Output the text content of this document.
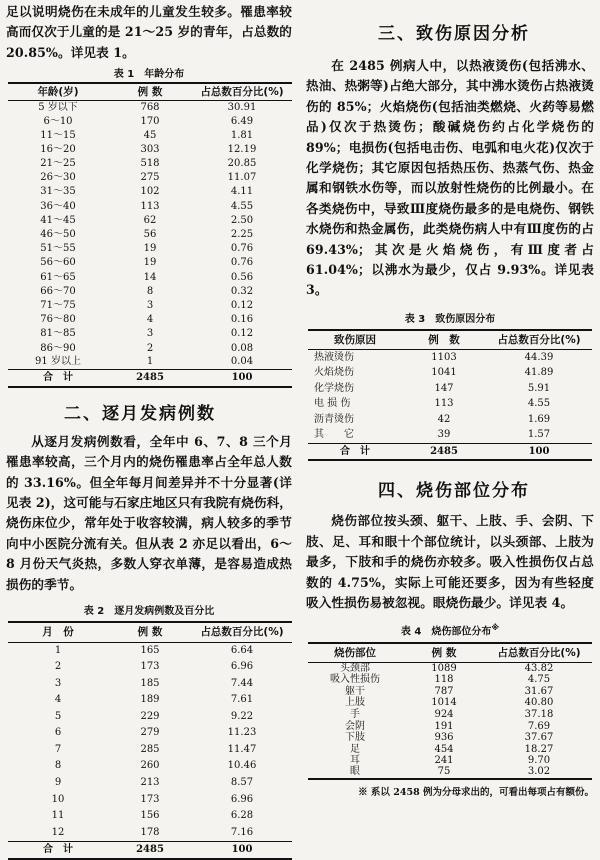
足以说明烧伤在未成年的儿童发生较多。罹患率较高而仅次于儿童的是 21～25 岁的青年，占总数的 20.85%。详见表 1。

表 1　年龄分布
年龄(岁)	例 数	占总数百分比(%)
5 岁以下	768	30.91
6～10	170	6.49
11～15	45	1.81
16～20	303	12.19
21～25	518	20.85
26～30	275	11.07
31～35	102	4.11
36～40	113	4.55
41～45	62	2.50
46～50	56	2.25
51～55	19	0.76
56～60	19	0.76
61～65	14	0.56
66～70	8	0.32
71～75	3	0.12
76～80	4	0.16
81～85	3	0.12
86～90	2	0.08
91 岁以上	1	0.04
合　计	2485	100
二、逐月发病例数

从逐月发病例数看，全年中 6、7、8 三个月罹患率较高，三个月内的烧伤罹患率占全年总人数的 33.16%。但全年每月间差异并不十分显著(详见表 2)，这可能与石家庄地区只有我院有烧伤科，烧伤床位少，常年处于收容较满，病人较多的季节向中小医院分流有关。但从表 2 亦足以看出，6～8 月份天气炎热，多数人穿衣单薄，是容易造成热损伤的季节。

表 2　逐月发病例数及百分比
月　份	例 数	占总数百分比(%)
1	165	6.64
2	173	6.96
3	185	7.44
4	189	7.61
5	229	9.22
6	279	11.23
7	285	11.47
8	260	10.46
9	213	8.57
10	173	6.96
11	156	6.28
12	178	7.16
合　计	2485	100
三、致伤原因分析

在 2485 例病人中，以热液烫伤(包括沸水、热油、热粥等)占绝大部分，其中沸水烫伤占热液烫伤的 85%；火焰烧伤(包括油类燃烧、火药等易燃品)仅次于热烫伤；酸碱烧伤约占化学烧伤的 89%；电损伤(包括电击伤、电弧和电火花)仅次于化学烧伤；其它原因包括热压伤、热蒸气伤、热金属和钢铁水伤等，而以放射性烧伤的比例最小。在各类烧伤中，导致Ⅲ度烧伤最多的是电烧伤、钢铁水烧伤和热金属伤，此类烧伤病人中有Ⅲ度伤的占 69.43%；其次是火焰烧伤，有Ⅲ度者占 61.04%；以沸水为最少，仅占 9.93%。详见表 3。

表 3　致伤原因分布
致伤原因	例　数	占总数百分比(%)
热液烫伤	1103	44.39
火焰烧伤	1041	41.89
化学烧伤	147	5.91
电 损 伤	113	4.55
沥青烫伤	42	1.69
其　　它	39	1.57
合　计	2485	100
四、烧伤部位分布

烧伤部位按头颈、躯干、上肢、手、会阴、下肢、足、耳和眼十个部位统计，以头颈部、上肢为最多，下肢和手的烧伤亦较多。吸入性损伤仅占总数的 4.75%，实际上可能还要多，因为有些轻度吸入性损伤易被忽视。眼烧伤最少。详见表 4。

表 4　烧伤部位分布※
烧伤部位	例 数	占总数百分比(%)
头颈部	1089	43.82
吸入性损伤	118	4.75
躯干	787	31.67
上肢	1014	40.80
手	924	37.18
会阴	191	7.69
下肢	936	37.67
足	454	18.27
耳	241	9.70
眼	75	3.02

※ 系以 2458 例为分母求出的，可看出每项占有额份。
